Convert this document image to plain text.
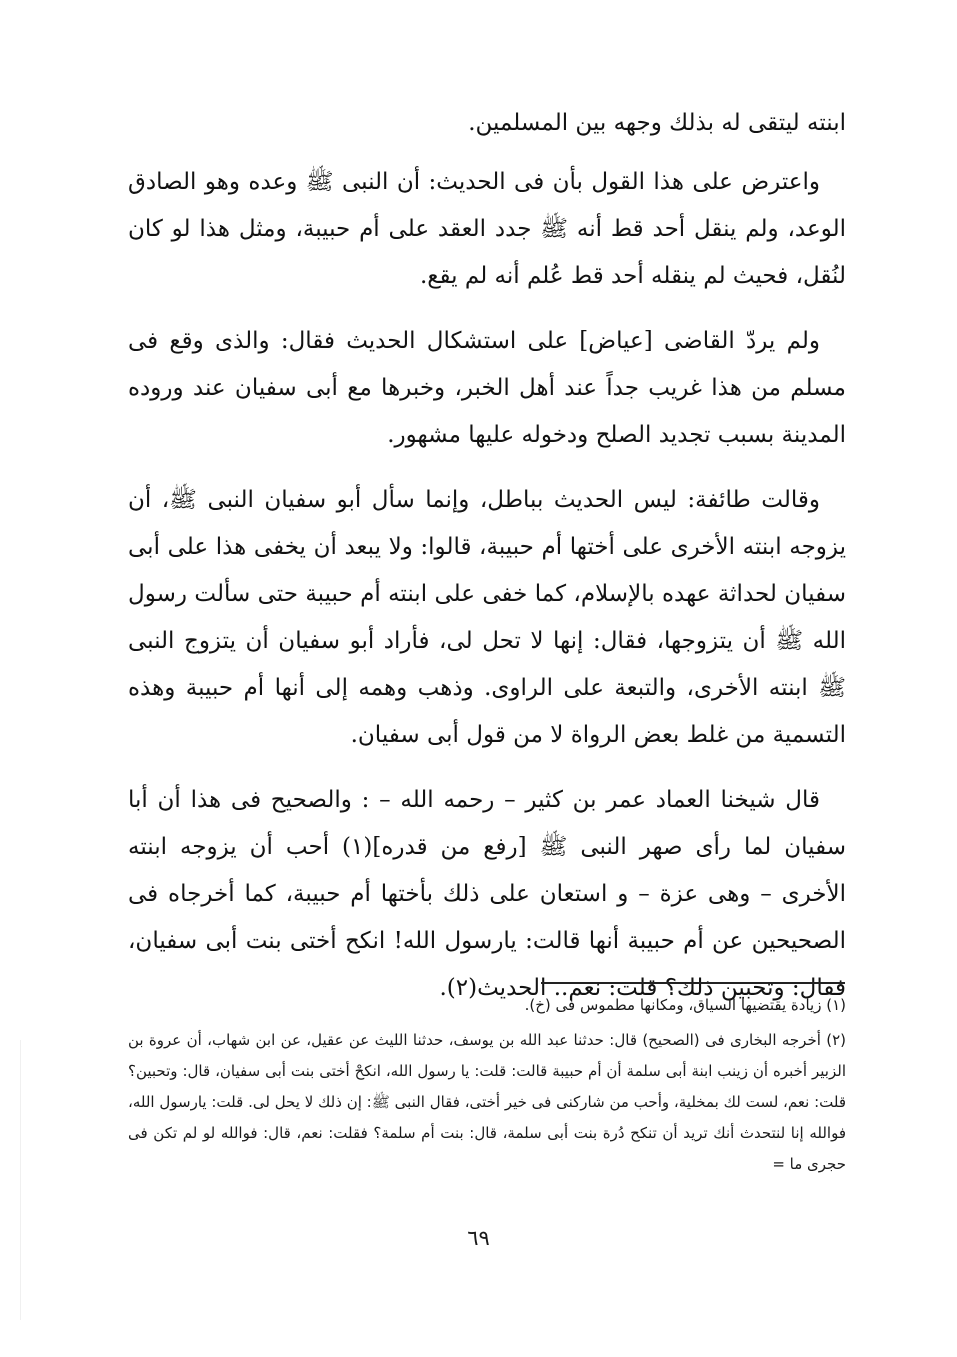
ابنته ليتقى له بذلك وجهه بين المسلمين.

واعترض على هذا القول بأن فى الحديث: أن النبى ﷺ وعده وهو الصادق الوعد، ولم ينقل أحد قط أنه ﷺ جدد العقد على أم حبيبة، ومثل هذا لو كان لنُقل، فحيث لم ينقله أحد قط عُلم أنه لم يقع.

ولم يردّ القاضى [عياض] على استشكال الحديث فقال: والذى وقع فى مسلم من هذا غريب جداً عند أهل الخبر، وخبرها مع أبى سفيان عند وروده المدينة بسبب تجديد الصلح ودخوله عليها مشهور.

وقالت طائفة: ليس الحديث بباطل، وإنما سأل أبو سفيان النبى ﷺ، أن يزوجه ابنته الأخرى على أختها أم حبيبة، قالوا: ولا يبعد أن يخفى هذا على أبى سفيان لحداثة عهده بالإسلام، كما خفى على ابنته أم حبيبة حتى سألت رسول الله ﷺ أن يتزوجها، فقال: إنها لا تحل لى، فأراد أبو سفيان أن يتزوج النبى ﷺ ابنته الأخرى، والتبعة على الراوى. وذهب وهمه إلى أنها أم حبيبة وهذه التسمية من غلط بعض الرواة لا من قول أبى سفيان.

قال شيخنا العماد عمر بن كثير – رحمه الله – : والصحيح فى هذا أن أبا سفيان لما رأى صهر النبى ﷺ [رفع من قدره](١) أحب أن يزوجه ابنته الأخرى – وهى عزة – و استعان على ذلك بأختها أم حبيبة، كما أخرجاه فى الصحيحين عن أم حبيبة أنها قالت: يارسول الله! انكح أختى بنت أبى سفيان، فقال: وتحبين ذلك؟ قلت: نعم.. الحديث(٢).

(١) زيادة يقتضيها السياق، ومكانها مطموس فى (خ).

(٢) أخرجه البخارى فى (الصحيح) قال: حدثنا عبد الله بن يوسف، حدثنا الليث عن عقيل، عن ابن شهاب، أن عروة بن الزبير أخبره أن زينب ابنة أبى سلمة أن أم حبيبة قالت: قلت: يا رسول الله، انكحْ أختى بنت أبى سفيان، قال: وتحبين؟ قلت: نعم، لست لك بمخلية، وأحب من شاركنى فى خير أختى، فقال النبى ﷺ: إن ذلك لا يحل لى. قلت: يارسول الله، فوالله إنا لنتحدث أنك تريد أن تنكح دُرة بنت أبى سلمة، قال: بنت أم سلمة؟ فقلت: نعم، قال: فوالله لو لم تكن فى حجرى ما =

٦٩
